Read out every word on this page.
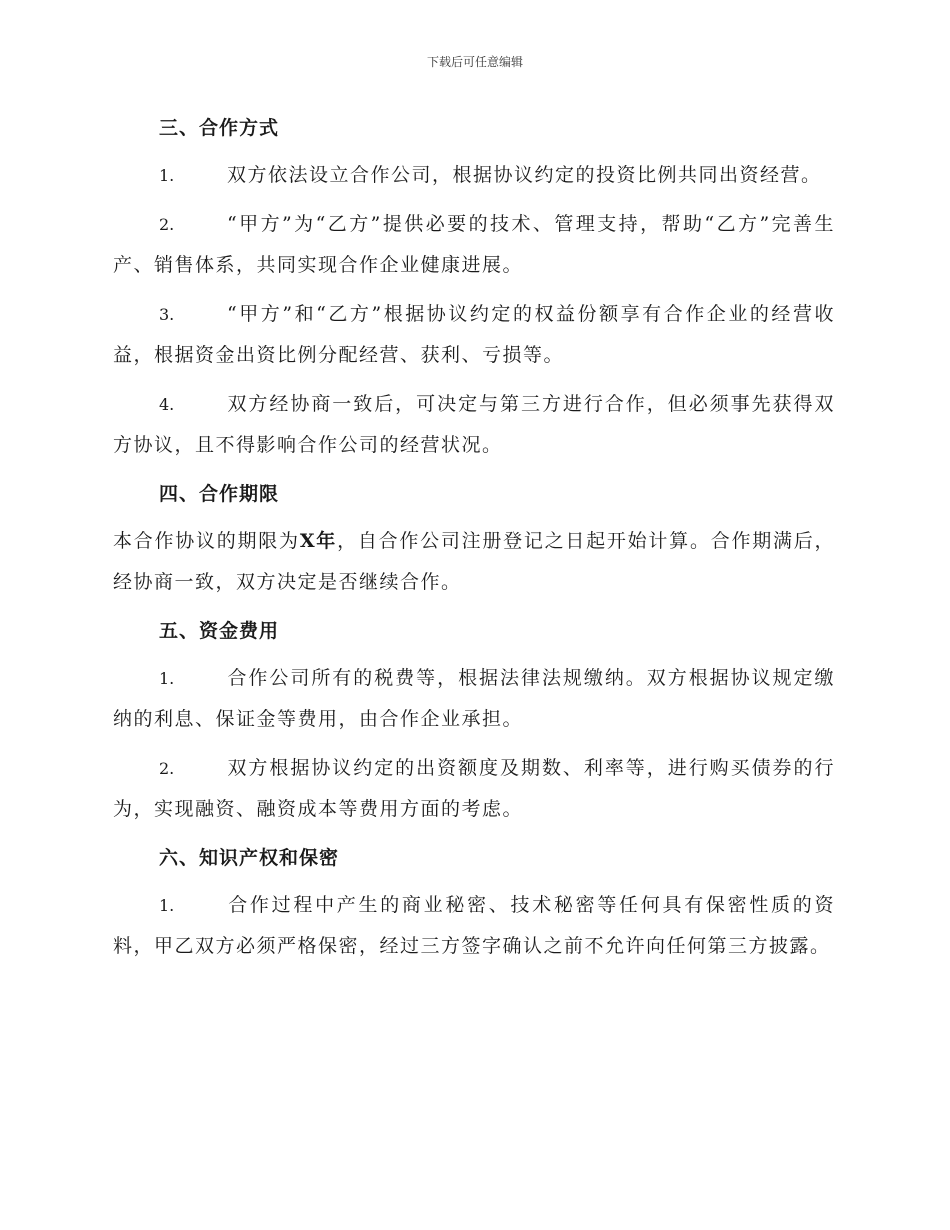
下载后可任意编辑
三、合作方式

1.	双方依法设立合作公司，根据协议约定的投资比例共同出资经营。

2.	“甲方”为“乙方”提供必要的技术、管理支持，帮助“乙方”完善生产、销售体系，共同实现合作企业健康进展。

3.	“甲方”和“乙方”根据协议约定的权益份额享有合作企业的经营收益，根据资金出资比例分配经营、获利、亏损等。

4.	双方经协商一致后，可决定与第三方进行合作，但必须事先获得双方协议，且不得影响合作公司的经营状况。

四、合作期限

本合作协议的期限为X年，自合作公司注册登记之日起开始计算。合作期满后，经协商一致，双方决定是否继续合作。

五、资金费用

1.	合作公司所有的税费等，根据法律法规缴纳。双方根据协议规定缴纳的利息、保证金等费用，由合作企业承担。

2.	双方根据协议约定的出资额度及期数、利率等，进行购买债券的行为，实现融资、融资成本等费用方面的考虑。

六、知识产权和保密

1.	合作过程中产生的商业秘密、技术秘密等任何具有保密性质的资料，甲乙双方必须严格保密，经过三方签字确认之前不允许向任何第三方披露。
